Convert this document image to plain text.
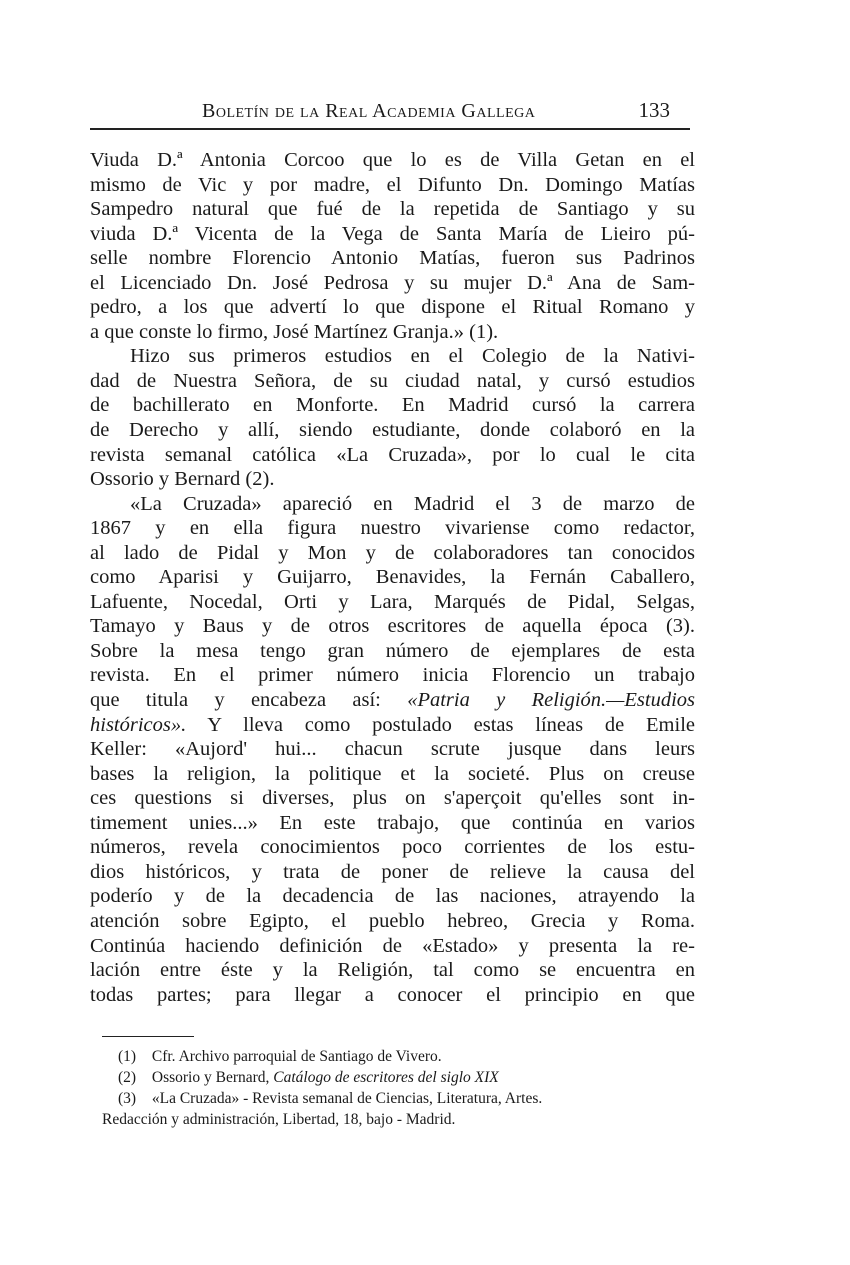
Boletín de la Real Academia Gallega	133
Viuda D.ª Antonia Corcoo que lo es de Villa Getan en el
mismo de Vic y por madre, el Difunto Dn. Domingo Matías
Sampedro natural que fué de la repetida de Santiago y su
viuda D.ª Vicenta de la Vega de Santa María de Lieiro pú-
selle nombre Florencio Antonio Matías, fueron sus Padrinos
el Licenciado Dn. José Pedrosa y su mujer D.ª Ana de Sam-
pedro, a los que advertí lo que dispone el Ritual Romano y
a que conste lo firmo, José Martínez Granja.» (1).
Hizo sus primeros estudios en el Colegio de la Nativi-
dad de Nuestra Señora, de su ciudad natal, y cursó estudios
de bachillerato en Monforte. En Madrid cursó la carrera
de Derecho y allí, siendo estudiante, donde colaboró en la
revista semanal católica «La Cruzada», por lo cual le cita
Ossorio y Bernard (2).
«La Cruzada» apareció en Madrid el 3 de marzo de
1867 y en ella figura nuestro vivariense como redactor,
al lado de Pidal y Mon y de colaboradores tan conocidos
como Aparisi y Guijarro, Benavides, la Fernán Caballero,
Lafuente, Nocedal, Orti y Lara, Marqués de Pidal, Selgas,
Tamayo y Baus y de otros escritores de aquella época (3).
Sobre la mesa tengo gran número de ejemplares de esta
revista. En el primer número inicia Florencio un trabajo
que titula y encabeza así: «Patria y Religión.—Estudios
históricos». Y lleva como postulado estas líneas de Emile
Keller: «Aujord' hui... chacun scrute jusque dans leurs
bases la religion, la politique et la societé. Plus on creuse
ces questions si diverses, plus on s'aperçoit qu'elles sont in-
timement unies...» En este trabajo, que continúa en varios
números, revela conocimientos poco corrientes de los estu-
dios históricos, y trata de poner de relieve la causa del
poderío y de la decadencia de las naciones, atrayendo la
atención sobre Egipto, el pueblo hebreo, Grecia y Roma.
Continúa haciendo definición de «Estado» y presenta la re-
lación entre éste y la Religión, tal como se encuentra en
todas partes; para llegar a conocer el principio en que
(1) Cfr. Archivo parroquial de Santiago de Vivero.
(2) Ossorio y Bernard, Catálogo de escritores del siglo XIX
(3) «La Cruzada» - Revista semanal de Ciencias, Literatura, Artes.
Redacción y administración, Libertad, 18, bajo - Madrid.
